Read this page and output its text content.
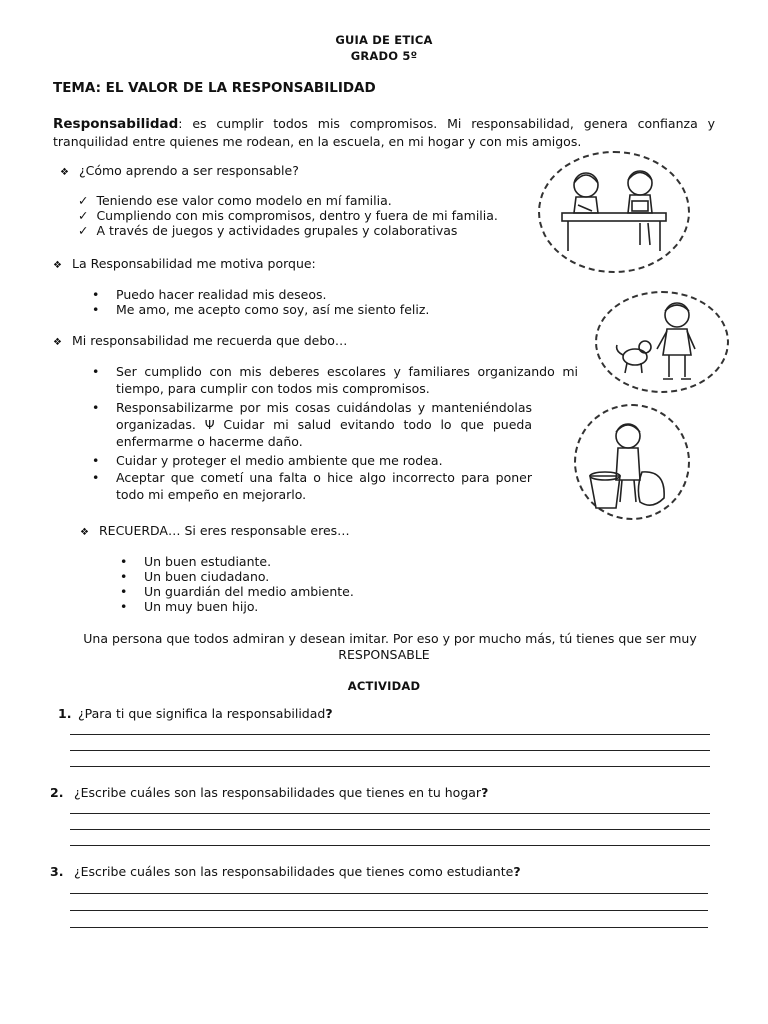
GUIA DE ETICA
GRADO 5º
TEMA: EL VALOR DE LA RESPONSABILIDAD
Responsabilidad: es cumplir todos mis compromisos. Mi responsabilidad, genera confianza y tranquilidad entre quienes me rodean, en la escuela, en mi hogar y con mis amigos.
❖ ¿Cómo aprendo a ser responsable?
✓ Teniendo ese valor como modelo en mí familia.
✓ Cumpliendo con mis compromisos, dentro y fuera de mi familia.
✓ A través de juegos y actividades grupales y colaborativas
❖ La Responsabilidad me motiva porque:
• Puedo hacer realidad mis deseos.
• Me amo, me acepto como soy, así me siento feliz.
❖ Mi responsabilidad me recuerda que debo…
•	Ser cumplido con mis deberes escolares y familiares organizando mi tiempo, para cumplir con todos mis compromisos.
•	Responsabilizarme por mis cosas cuidándolas y manteniéndolas organizadas. Ψ Cuidar mi salud evitando todo lo que pueda enfermarme o hacerme daño.
•	Cuidar y proteger el medio ambiente que me rodea.
•	Aceptar que cometí una falta o hice algo incorrecto para poner todo mi empeño en mejorarlo.
❖ RECUERDA… Si eres responsable eres…
• Un buen estudiante.
• Un buen ciudadano.
• Un guardián del medio ambiente.
• Un muy buen hijo.
Una persona que todos admiran y desean imitar. Por eso y por mucho más, tú tienes que ser muy
RESPONSABLE
ACTIVIDAD
1. ¿Para ti que significa la responsabilidad?
2. ¿Escribe cuáles son las responsabilidades que tienes en tu hogar?
3. ¿Escribe cuáles son las responsabilidades que tienes como estudiante?
